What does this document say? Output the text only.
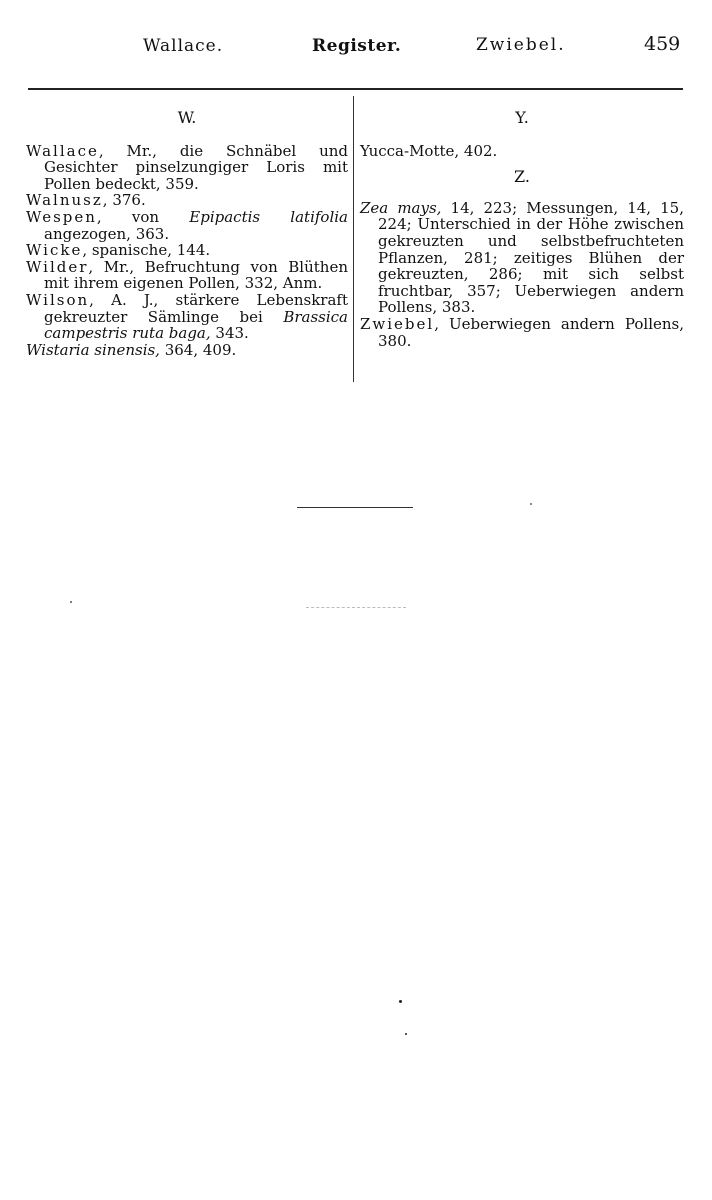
Wallace.	Register.	Zwiebel.	459
W.

Wallace, Mr., die Schnäbel und Gesichter pinselzungiger Loris mit Pollen bedeckt, 359.

Walnusz, 376.

Wespen, von Epipactis latifolia angezogen, 363.

Wicke, spanische, 144.

Wilder, Mr., Befruchtung von Blüthen mit ihrem eigenen Pollen, 332, Anm.

Wilson, A. J., stärkere Lebenskraft gekreuzter Sämlinge bei Brassica campestris ruta baga, 343.

Wistaria sinensis, 364, 409.

Y.

Yucca-Motte, 402.

Z.

Zea mays, 14, 223; Messungen, 14, 15, 224; Unterschied in der Höhe zwischen gekreuzten und selbstbefruchteten Pflanzen, 281; zeitiges Blühen der gekreuzten, 286; mit sich selbst fruchtbar, 357; Ueberwiegen andern Pollens, 383.

Zwiebel, Ueberwiegen andern Pollens, 380.
